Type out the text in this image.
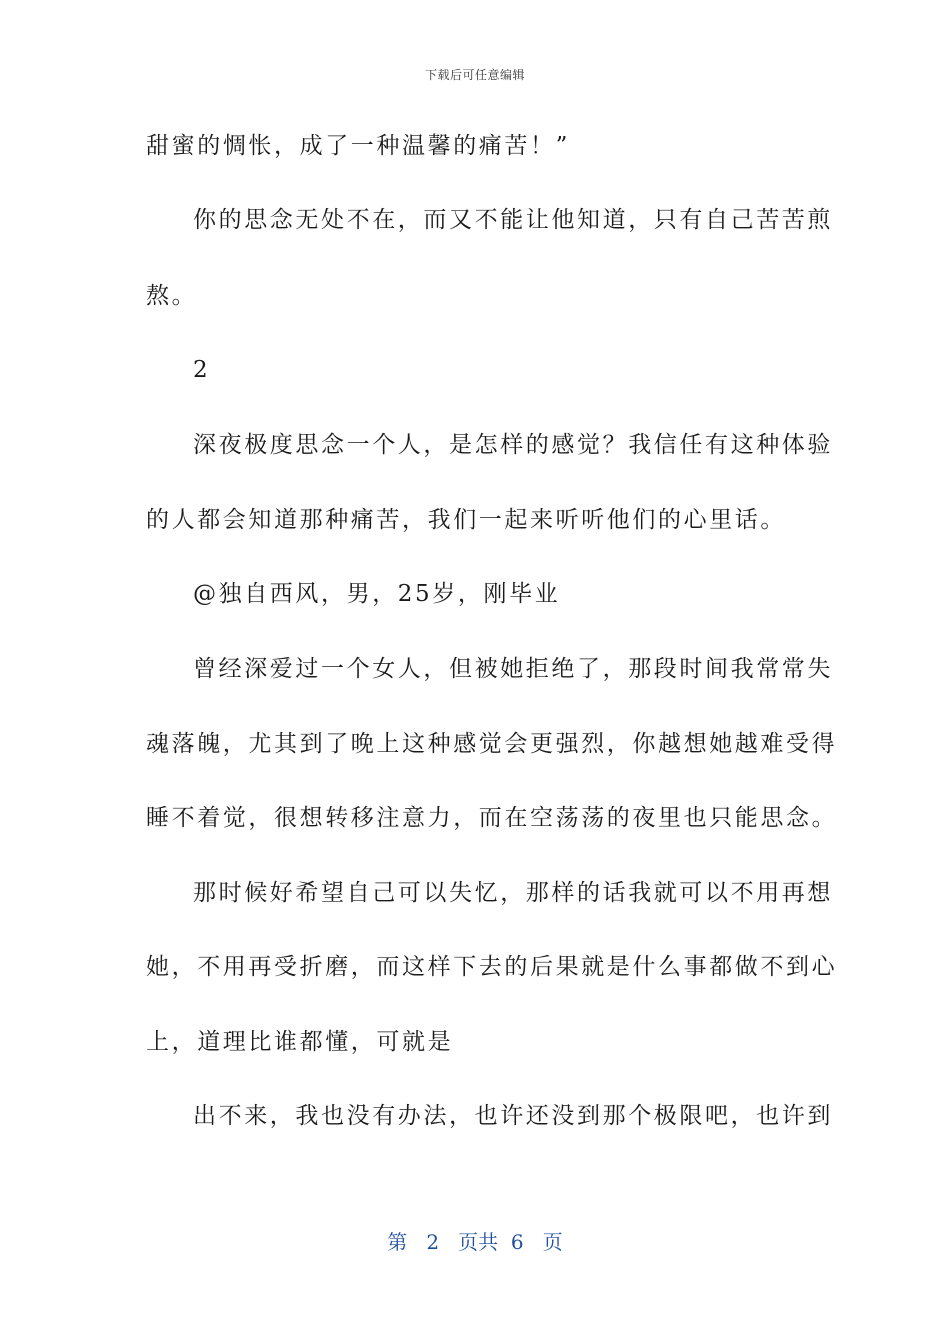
下载后可任意编辑
甜蜜的惆怅，成了一种温馨的痛苦！”
你的思念无处不在，而又不能让他知道，只有自己苦苦煎
熬。
2
深夜极度思念一个人，是怎样的感觉？我信任有这种体验
的人都会知道那种痛苦，我们一起来听听他们的心里话。
@独自西风，男，25岁，刚毕业
曾经深爱过一个女人，但被她拒绝了，那段时间我常常失
魂落魄，尤其到了晚上这种感觉会更强烈，你越想她越难受得
睡不着觉，很想转移注意力，而在空荡荡的夜里也只能思念。
那时候好希望自己可以失忆，那样的话我就可以不用再想
她，不用再受折磨，而这样下去的后果就是什么事都做不到心
上，道理比谁都懂，可就是
出不来，我也没有办法，也许还没到那个极限吧，也许到
第 2 页共 6 页
